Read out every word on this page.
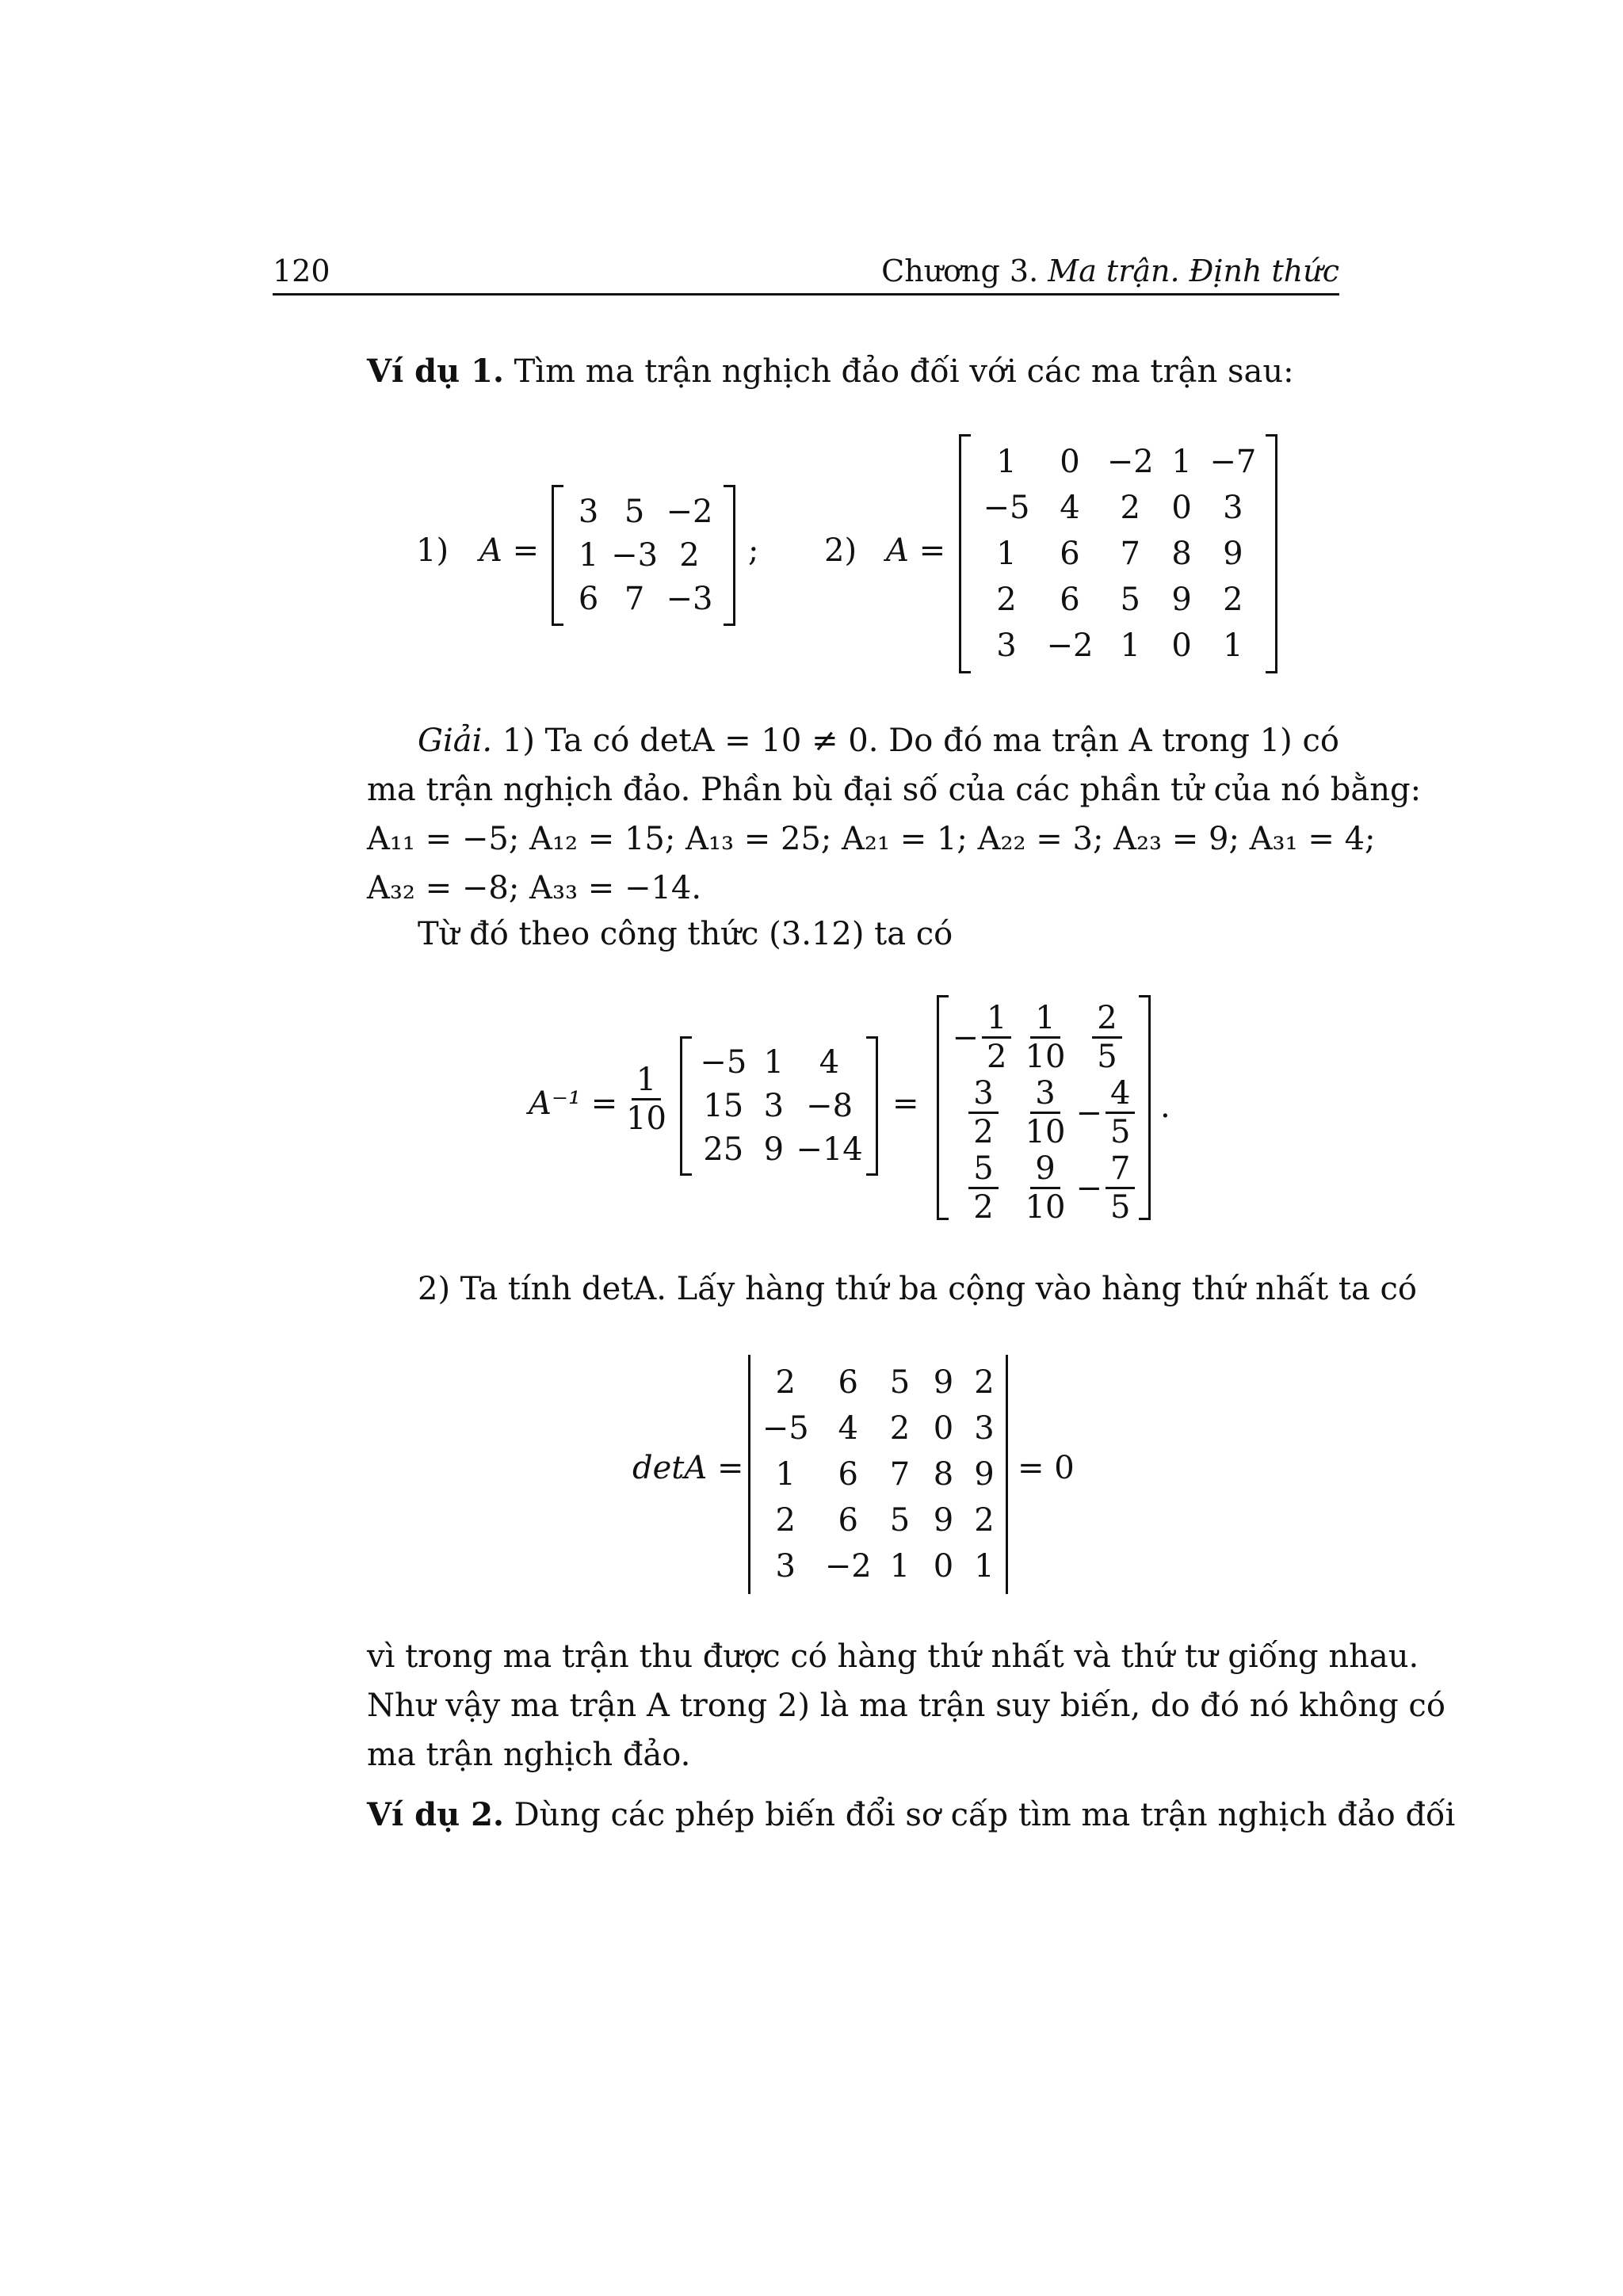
120	Chương 3. Ma trận. Định thức
Ví dụ 1. Tìm ma trận nghịch đảo đối với các ma trận sau:
1) A =
3 5 −2
1 −3 2
6 7 −3
; 2) A =
1	0 −2 1 −7
−5 4	2 0 3
1	6	7 8 9
2	6	5 9 2
3 −2 1 0 1
Giải. 1) Ta có detA = 10 ≠ 0. Do đó ma trận A trong 1) có
ma trận nghịch đảo. Phần bù đại số của các phần tử của nó bằng:
A₁₁ = −5; A₁₂ = 15; A₁₃ = 25; A₂₁ = 1; A₂₂ = 3; A₂₃ = 9; A₃₁ = 4;
A₃₂ = −8; A₃₃ = −14.
Từ đó theo công thức (3.12) ta có
$A^{-1} = \frac{1}{10} -5$ 1	4
15 3 −8
25 9 −14
=
− $\frac{1}{2} \frac{1}{10} \frac{2}{5}$
$\frac{3}{2} \frac{3}{10} - \frac{4}{5}$
$\frac{5}{2} \frac{9}{10} - \frac{7}{5}$
.
2) Ta tính detA. Lấy hàng thứ ba cộng vào hàng thứ nhất ta có
detA =
2	6 5 9 2
−5 4 2 0 3
1	6 7 8 9
2	6 5 9 2
3 −2 1 0 1
= 0
vì trong ma trận thu được có hàng thứ nhất và thứ tư giống nhau.
Như vậy ma trận A trong 2) là ma trận suy biến, do đó nó không có
ma trận nghịch đảo.
Ví dụ 2. Dùng các phép biến đổi sơ cấp tìm ma trận nghịch đảo đối
